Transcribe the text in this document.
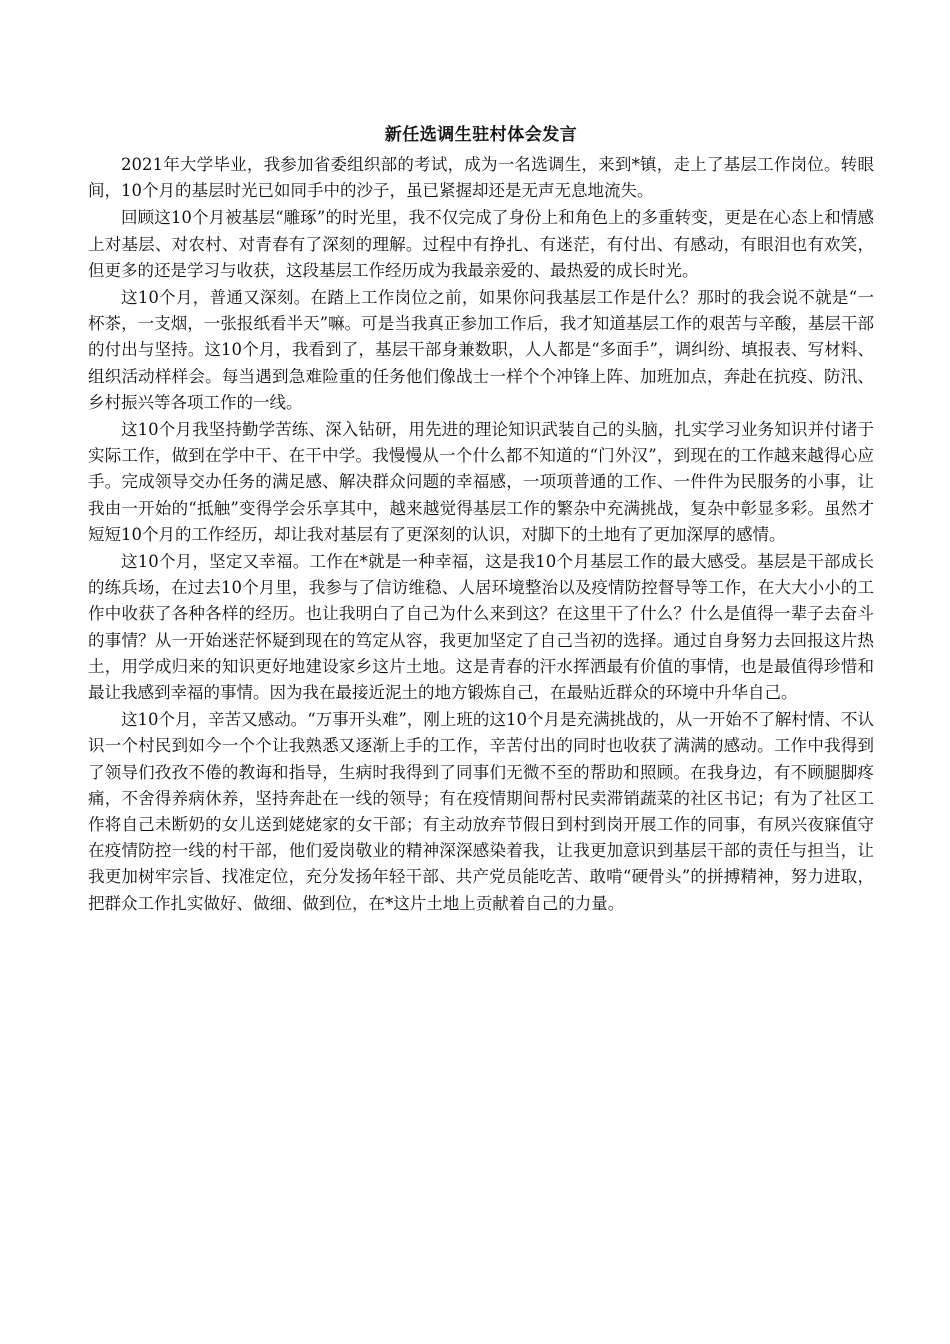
新任选调生驻村体会发言

2021年大学毕业，我参加省委组织部的考试，成为一名选调生，来到*镇，走上了基层工作岗位。转眼间，10个月的基层时光已如同手中的沙子，虽已紧握却还是无声无息地流失。

回顾这10个月被基层“雕琢”的时光里，我不仅完成了身份上和角色上的多重转变，更是在心态上和情感上对基层、对农村、对青春有了深刻的理解。过程中有挣扎、有迷茫，有付出、有感动，有眼泪也有欢笑，但更多的还是学习与收获，这段基层工作经历成为我最亲爱的、最热爱的成长时光。

这10个月，普通又深刻。在踏上工作岗位之前，如果你问我基层工作是什么？那时的我会说不就是“一杯茶，一支烟，一张报纸看半天”嘛。可是当我真正参加工作后，我才知道基层工作的艰苦与辛酸，基层干部的付出与坚持。这10个月，我看到了，基层干部身兼数职，人人都是“多面手”，调纠纷、填报表、写材料、组织活动样样会。每当遇到急难险重的任务他们像战士一样个个冲锋上阵、加班加点，奔赴在抗疫、防汛、乡村振兴等各项工作的一线。

这10个月我坚持勤学苦练、深入钻研，用先进的理论知识武装自己的头脑，扎实学习业务知识并付诸于实际工作，做到在学中干、在干中学。我慢慢从一个什么都不知道的“门外汉”，到现在的工作越来越得心应手。完成领导交办任务的满足感、解决群众问题的幸福感，一项项普通的工作、一件件为民服务的小事，让我由一开始的“抵触”变得学会乐享其中，越来越觉得基层工作的繁杂中充满挑战，复杂中彰显多彩。虽然才短短10个月的工作经历，却让我对基层有了更深刻的认识，对脚下的土地有了更加深厚的感情。

这10个月，坚定又幸福。工作在*就是一种幸福，这是我10个月基层工作的最大感受。基层是干部成长的练兵场，在过去10个月里，我参与了信访维稳、人居环境整治以及疫情防控督导等工作，在大大小小的工作中收获了各种各样的经历。也让我明白了自己为什么来到这？在这里干了什么？什么是值得一辈子去奋斗的事情？从一开始迷茫怀疑到现在的笃定从容，我更加坚定了自己当初的选择。通过自身努力去回报这片热土，用学成归来的知识更好地建设家乡这片土地。这是青春的汗水挥洒最有价值的事情，也是最值得珍惜和最让我感到幸福的事情。因为我在最接近泥土的地方锻炼自己，在最贴近群众的环境中升华自己。

这10个月，辛苦又感动。“万事开头难”，刚上班的这10个月是充满挑战的，从一开始不了解村情、不认识一个村民到如今一个个让我熟悉又逐渐上手的工作，辛苦付出的同时也收获了满满的感动。工作中我得到了领导们孜孜不倦的教诲和指导，生病时我得到了同事们无微不至的帮助和照顾。在我身边，有不顾腿脚疼痛，不舍得养病休养，坚持奔赴在一线的领导；有在疫情期间帮村民卖滞销蔬菜的社区书记；有为了社区工作将自己未断奶的女儿送到姥姥家的女干部；有主动放弃节假日到村到岗开展工作的同事，有夙兴夜寐值守在疫情防控一线的村干部，他们爱岗敬业的精神深深感染着我，让我更加意识到基层干部的责任与担当，让我更加树牢宗旨、找准定位，充分发扬年轻干部、共产党员能吃苦、敢啃“硬骨头”的拼搏精神，努力进取，把群众工作扎实做好、做细、做到位，在*这片土地上贡献着自己的力量。
